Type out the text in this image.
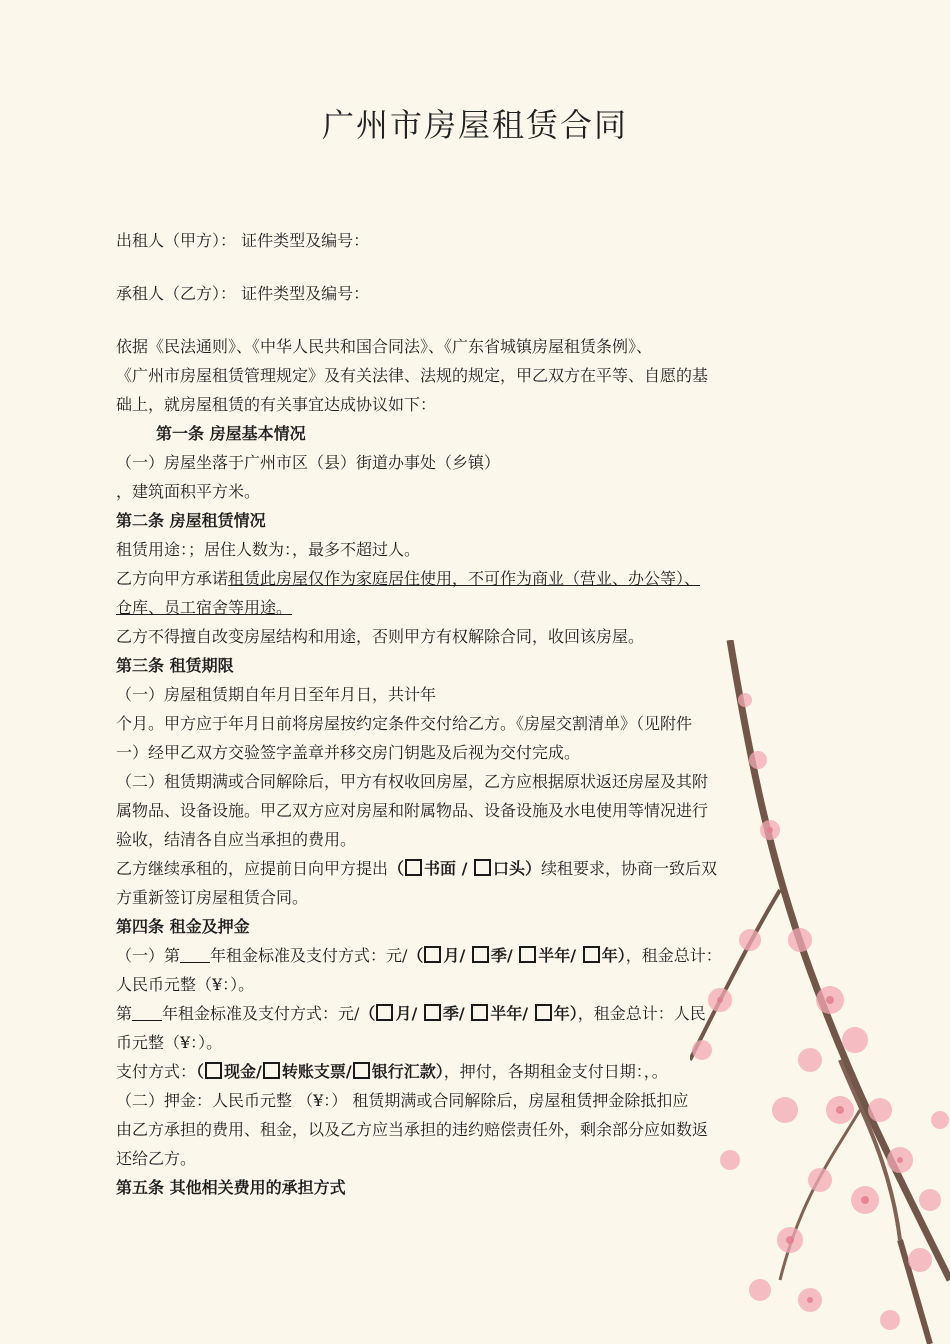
广州市房屋租赁合同
出租人（甲方）： 证件类型及编号：
承租人（乙方）： 证件类型及编号：
依据《民法通则》、《中华人民共和国合同法》、《广东省城镇房屋租赁条例》、
《广州市房屋租赁管理规定》及有关法律、法规的规定，甲乙双方在平等、自愿的基
础上，就房屋租赁的有关事宜达成协议如下：
第一条 房屋基本情况
（一）房屋坐落于广州市区（县）街道办事处（乡镇）
，建筑面积平方米。
第二条 房屋租赁情况
租赁用途：；居住人数为：，最多不超过人。
乙方向甲方承诺租赁此房屋仅作为家庭居住使用，不可作为商业（营业、办公等）、
仓库、员工宿舍等用途。
乙方不得擅自改变房屋结构和用途，否则甲方有权解除合同，收回该房屋。
第三条 租赁期限
（一）房屋租赁期自年月日至年月日，共计年
个月。甲方应于年月日前将房屋按约定条件交付给乙方。《房屋交割清单》（见附件
一）经甲乙双方交验签字盖章并移交房门钥匙及后视为交付完成。
（二）租赁期满或合同解除后，甲方有权收回房屋，乙方应根据原状返还房屋及其附
属物品、设备设施。甲乙双方应对房屋和附属物品、设备设施及水电使用等情况进行
验收，结清各自应当承担的费用。
乙方继续承租的，应提前日向甲方提出（ 书面 / 口头）续租要求，协商一致后双
方重新签订房屋租赁合同。
第四条 租金及押金
（一）第 年租金标准及支付方式：元/（ 月/ 季/ 半年/ 年），租金总计：
人民币元整（¥：）。
第 年租金标准及支付方式：元/（ 月/ 季/ 半年/ 年），租金总计：人民
币元整（¥：）。
支付方式：（ 现金/ 转账支票/ 银行汇款），押付，各期租金支付日期：，。
（二）押金：人民币元整 （¥：） 租赁期满或合同解除后，房屋租赁押金除抵扣应
由乙方承担的费用、租金，以及乙方应当承担的违约赔偿责任外，剩余部分应如数返
还给乙方。
第五条 其他相关费用的承担方式
